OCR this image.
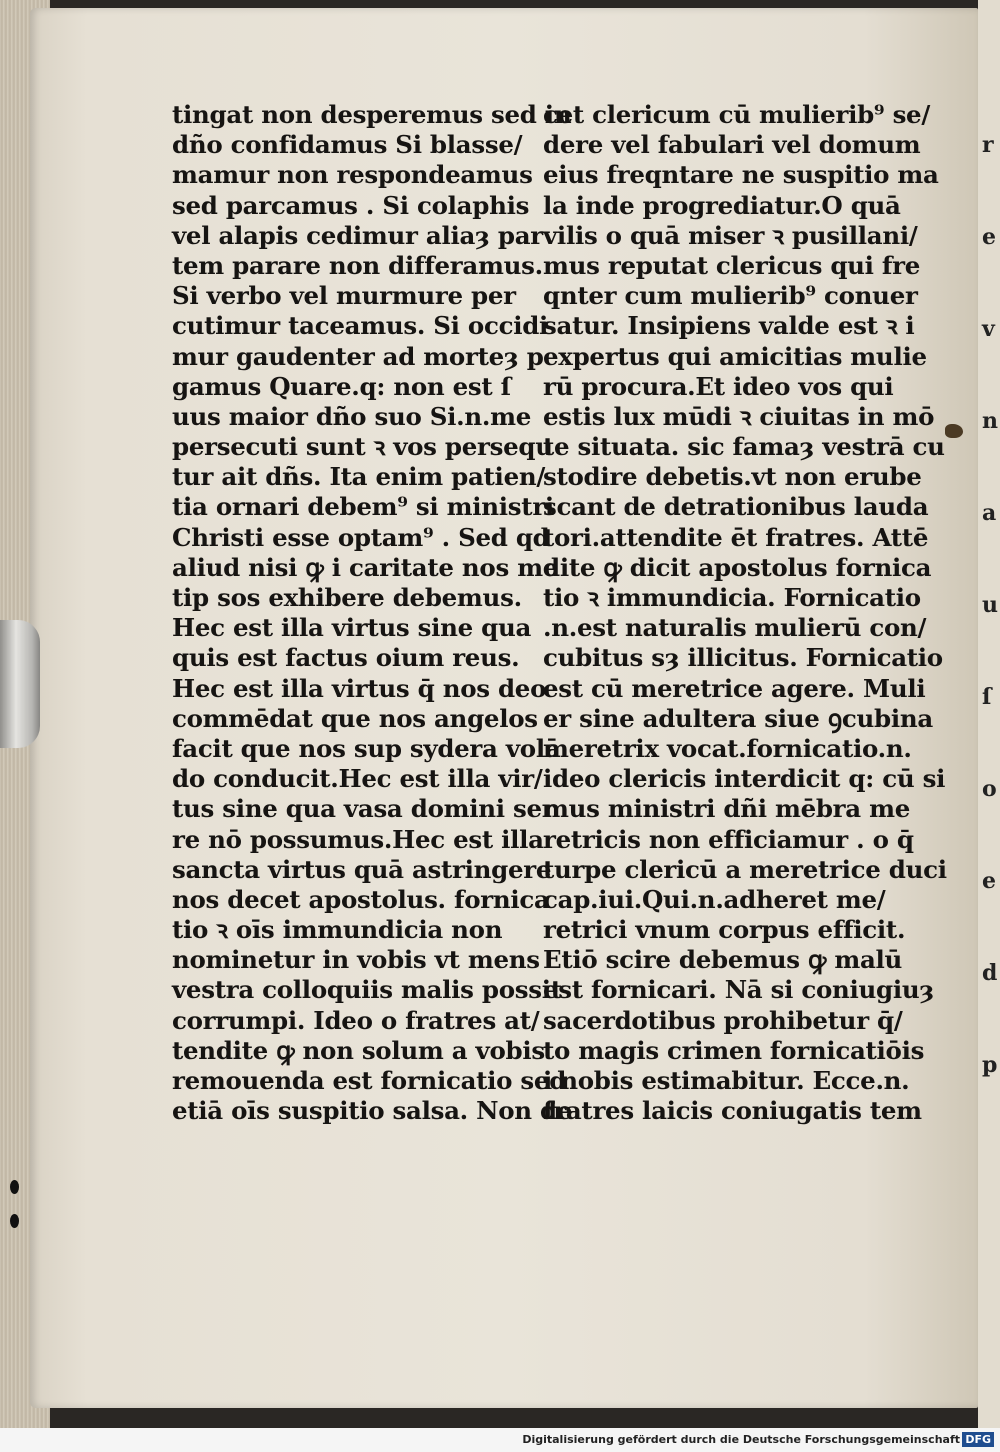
r
e
v
n
a
u
ſ
o
e
d
p
tingat non desperemus sed in
dño confidamus Si blasse/
mamur non respondeamus
sed parcamus . Si colaphis
vel alapis cedimur aliaȝ par
tem parare non differamus.
Si verbo vel murmure per
cutimur taceamus. Si occidi
mur gaudenter ad morteȝ p
gamus Quare.q: non est ſ
uus maior dño suo Si.n.me
persecuti sunt ꝛ vos persequ
tur ait dñs. Ita enim patien/
tia ornari debem⁹ si ministri
Christi esse optam⁹ . Sed qd
aliud nisi ꝙ i caritate nos me
tip sos exhibere debemus.
Hec est illa virtus sine qua
quis est factus oium reus.
Hec est illa virtus q̄ nos deo
commēdat que nos angelos
facit que nos sup sydera volā
do conducit.Hec est illa vir/
tus sine qua vasa domini ser
re nō possumus.Hec est illa
sancta virtus quā astringere
nos decet apostolus. fornica
tio ꝛ oīs immundicia non
nominetur in vobis vt mens
vestra colloquiis malis possit
corrumpi. Ideo o fratres at/
tendite ꝙ non solum a vobis
remouenda est fornicatio sed
etiā oīs suspitio salsa. Non de
cet clericum cū mulierib⁹ se/
dere vel fabulari vel domum
eius freqntare ne suspitio ma
la inde progrediatur.O quā
vilis o quā miser ꝛ pusillani/
mus reputat clericus qui fre
qnter cum mulierib⁹ conuer
satur. Insipiens valde est ꝛ i
expertus qui amicitias mulie
rū procura.Et ideo vos qui
estis lux mūdi ꝛ ciuitas in mō
te situata. sic famaȝ vestrā cu
stodire debetis.vt non erube
scant de detrationibus lauda
tori.attendite ēt fratres. Attē
dite ꝙ dicit apostolus fornica
tio ꝛ immundicia. Fornicatio
.n.est naturalis mulierū con/
cubitus sȝ illicitus. Fornicatio
est cū meretrice agere. Muli
er sine adultera siue ꝯcubina
meretrix vocat.fornicatio.n.
ideo clericis interdicit q: cū si
mus ministri dñi mēbra me
retricis non efficiamur . o q̄
turpe clericū a meretrice duci
cap.iui.Qui.n.adheret me/
retrici vnum corpus efficit.
Etiō scire debemus ꝙ malū
est fornicari. Nā si coniugiuȝ
sacerdotibus prohibetur q̄/
to magis crimen fornicatiōis
i nobis estimabitur. Ecce.n.
fratres laicis coniugatis tem
Digitalisierung gefördert durch die Deutsche Forschungsgemeinschaft DFG
